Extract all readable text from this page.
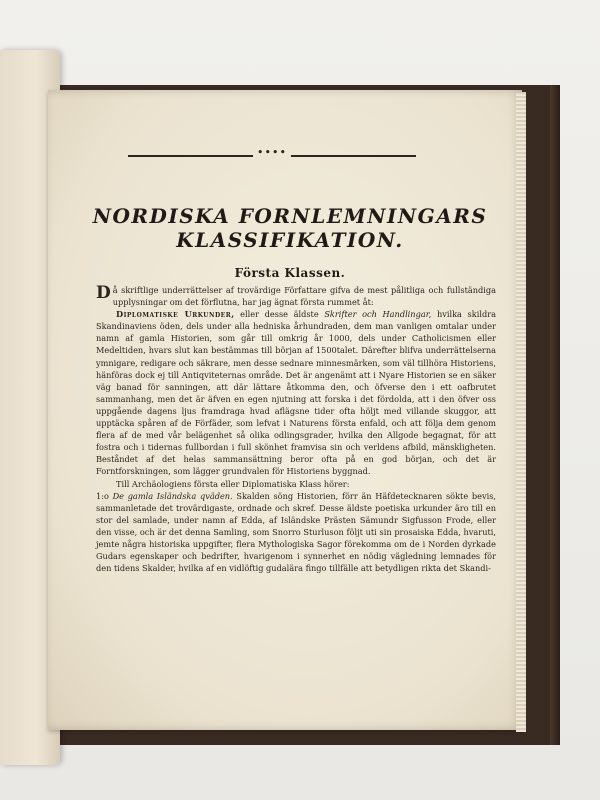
••••
NORDISKA FORNLEMNINGARS
KLASSIFIKATION.
Första Klassen.

Då skriftlige underrättelser af trovärdige Författare gifva de mest pålitliga och fullständiga upplysningar om det förflutna, har jag ägnat första rummet åt:

Diplomatiske Urkunder, eller desse äldste Skrifter och Handlingar, hvilka skildra Skandinaviens öden, dels under alla hedniska århundraden, dem man vanligen omtalar under namn af gamla Historien, som går till omkrig år 1000, dels under Catholicismen eller Medeltiden, hvars slut kan bestämmas till början af 1500talet. Därefter blifva underrättelserna ymnigare, redigare och säkrare, men desse sednare minnesmärken, som väl tillhöra Historiens, hänföras dock ej till Antiqviteternas område. Det är angenämt att i Nyare Historien se en säker väg banad för sanningen, att där lättare åtkomma den, och öfverse den i ett oafbrutet sammanhang, men det är äfven en egen njutning att forska i det fördolda, att i den öfver oss uppgående dagens ljus framdraga hvad aflägsne tider ofta höljt med villande skuggor, att upptäcka spåren af de Förfäder, som lefvat i Naturens första enfald, och att följa dem genom flera af de med vår belägenhet så olika odlingsgrader, hvilka den Allgode begagnat, för att fostra och i tidernas fullbordan i full skönhet framvisa sin och verldens afbild, mänskligheten. Beståndet af det helas sammansättning beror ofta på en god början, och det är Forntforskningen, som lägger grundvalen för Historiens byggnad.

Till Archäologiens första eller Diplomatiska Klass hörer:

1:o De gamla Isländska qväden. Skalden söng Historien, förr än Häfdetecknaren sökte bevis, sammanletade det trovärdigaste, ordnade och skref. Desse äldste poetiska urkunder äro till en stor del samlade, under namn af Edda, af Isländske Prästen Sämundr Sigfusson Frode, eller den visse, och är det denna Samling, som Snorro Sturluson följt uti sin prosaiska Edda, hvaruti, jemte några historiska uppgifter, flera Mythologiska Sagor förekomma om de i Norden dyrkade Gudars egenskaper och bedrifter, hvarigenom i synnerhet en nödig vägledning lemnades för den tidens Skalder, hvilka af en vidlöftig gudalära fingo tillfälle att betydligen rikta det Skandi-
